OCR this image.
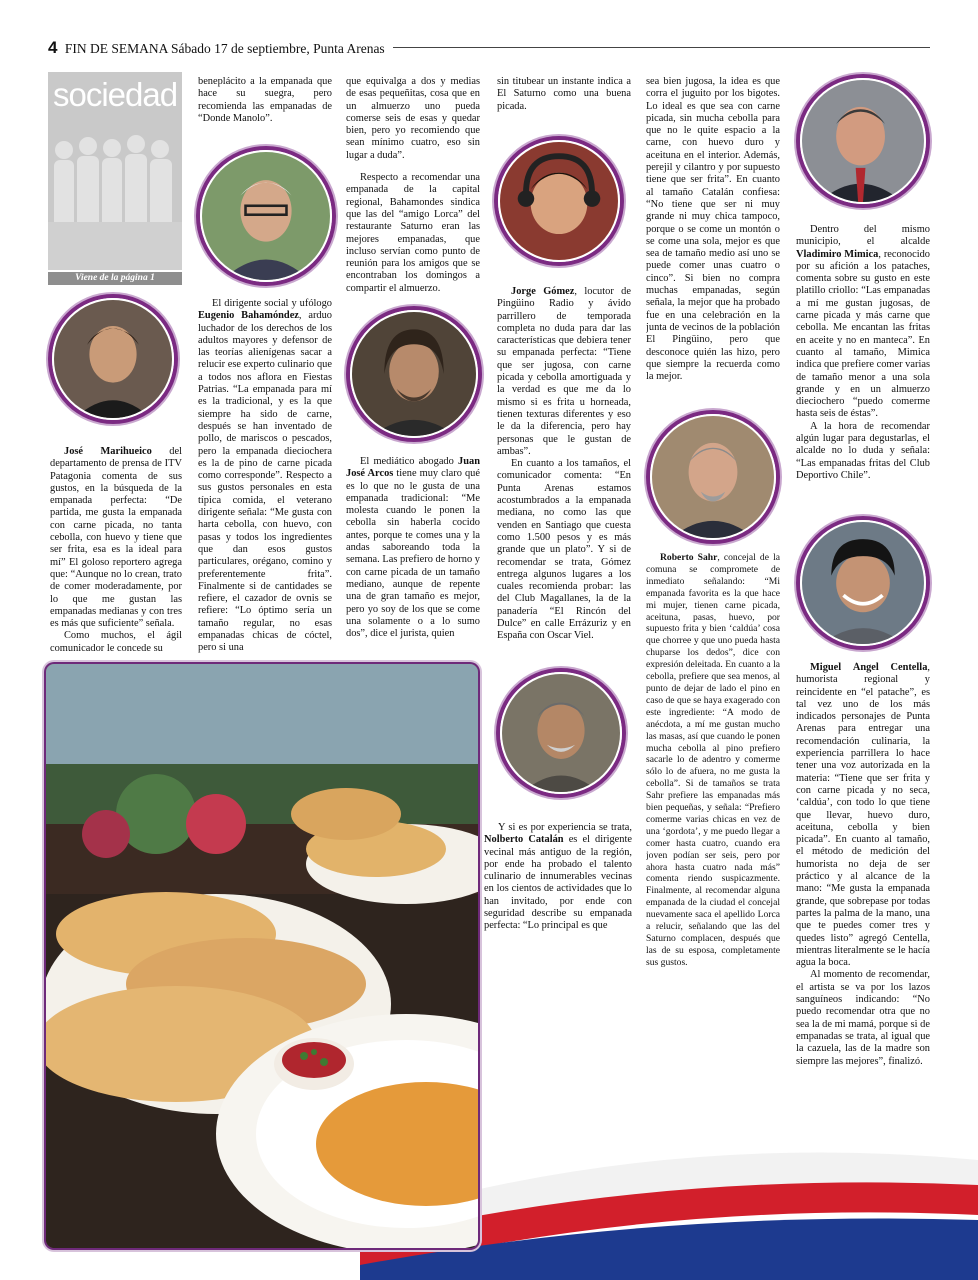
4 FIN DE SEMANA Sábado 17 de septiembre, Punta Arenas
sociedad
Viene de la página 1

José Marihueico del departamento de prensa de ITV Patagonia comenta de sus gustos, en la búsqueda de la empanada perfecta: “De partida, me gusta la empanada con carne picada, no tanta cebolla, con huevo y tiene que ser frita, esa es la ideal para mí” El goloso reportero agrega que: “Aunque no lo crean, trato de comer moderadamente, por lo que me gustan las empanadas medianas y con tres es más que suficiente” señala.

Como muchos, el ágil comunicador le concede su

beneplácito a la empanada que hace su suegra, pero recomienda las empanadas de “Donde Manolo”.

El dirigente social y ufólogo Eugenio Bahamóndez, arduo luchador de los derechos de los adultos mayores y defensor de las teorías alienígenas sacar a relucir ese experto culinario que a todos nos aflora en Fiestas Patrias. “La empanada para mí es la tradicional, y es la que siempre ha sido de carne, después se han inventado de pollo, de mariscos o pescados, pero la empanada dieciochera es la de pino de carne picada como corresponde”. Respecto a sus gustos personales en esta típica comida, el veterano dirigente señala: “Me gusta con harta cebolla, con huevo, con pasas y todos los ingredientes que dan esos gustos particulares, orégano, comino y preferentemente frita”. Finalmente si de cantidades se refiere, el cazador de ovnis se refiere: “Lo óptimo sería un tamaño regular, no esas empanadas chicas de cóctel, pero si una

que equivalga a dos y medias de esas pequeñitas, cosa que en un almuerzo uno pueda comerse seis de esas y quedar bien, pero yo recomiendo que sean mínimo cuatro, eso sin lugar a duda”.

Respecto a recomendar una empanada de la capital regional, Bahamondes sindica que las del “amigo Lorca” del restaurante Saturno eran las mejores empanadas, que incluso servían como punto de reunión para los amigos que se encontraban los domingos a compartir el almuerzo.

El mediático abogado Juan José Arcos tiene muy claro qué es lo que no le gusta de una empanada tradicional: “Me molesta cuando le ponen la cebolla sin haberla cocido antes, porque te comes una y la andas saboreando toda la semana. Las prefiero de horno y con carne picada de un tamaño mediano, aunque de repente una de gran tamaño es mejor, pero yo soy de los que se come una solamente o a lo sumo dos”, dice el jurista, quien

sin titubear un instante indica a El Saturno como una buena picada.

Jorge Gómez, locutor de Pingüino Radio y ávido parrillero de temporada completa no duda para dar las características que debiera tener su empanada perfecta: “Tiene que ser jugosa, con carne picada y cebolla amortiguada y la verdad es que me da lo mismo si es frita u horneada, tienen texturas diferentes y eso le da la diferencia, pero hay personas que le gustan de ambas”.

En cuanto a los tamaños, el comunicador comenta: “En Punta Arenas estamos acostumbrados a la empanada mediana, no como las que venden en Santiago que cuesta como 1.500 pesos y es más grande que un plato”. Y si de recomendar se trata, Gómez entrega algunos lugares a los cuales recomienda probar: las del Club Magallanes, la de la panadería “El Rincón del Dulce” en calle Errázuriz y en España con Oscar Viel.

Y si es por experiencia se trata, Nolberto Catalán es el dirigente vecinal más antiguo de la región, por ende ha probado el talento culinario de innumerables vecinas en los cientos de actividades que lo han invitado, por ende con seguridad describe su empanada perfecta: “Lo principal es que

sea bien jugosa, la idea es que corra el juguito por los bigotes. Lo ideal es que sea con carne picada, sin mucha cebolla para que no le quite espacio a la carne, con huevo duro y aceituna en el interior. Además, perejil y cilantro y por supuesto tiene que ser frita”. En cuanto al tamaño Catalán confiesa: “No tiene que ser ni muy grande ni muy chica tampoco, porque o se come un montón o se come una sola, mejor es que sea de tamaño medio así uno se puede comer unas cuatro o cinco”. Si bien no compra muchas empanadas, según señala, la mejor que ha probado fue en una celebración en la junta de vecinos de la población El Pingüino, pero que desconoce quién las hizo, pero que siempre la recuerda como la mejor.

Roberto Sahr, concejal de la comuna se compromete de inmediato señalando: “Mi empanada favorita es la que hace mi mujer, tienen carne picada, aceituna, pasas, huevo, por supuesto frita y bien ‘caldúa’ cosa que chorree y que uno pueda hasta chuparse los dedos”, dice con expresión deleitada. En cuanto a la cebolla, prefiere que sea menos, al punto de dejar de lado el pino en caso de que se haya exagerado con este ingrediente: “A modo de anécdota, a mí me gustan mucho las masas, así que cuando le ponen mucha cebolla al pino prefiero sacarle lo de adentro y comerme sólo lo de afuera, no me gusta la cebolla”. Si de tamaños se trata Sahr prefiere las empanadas más bien pequeñas, y señala: “Prefiero comerme varias chicas en vez de una ‘gordota’, y me puedo llegar a comer hasta cuatro, cuando era joven podían ser seis, pero por ahora hasta cuatro nada más” comenta riendo suspicazmente. Finalmente, al recomendar alguna empanada de la ciudad el concejal nuevamente saca el apellido Lorca a relucir, señalando que las del Saturno complacen, después que las de su esposa, completamente sus gustos.

Dentro del mismo municipio, el alcalde Vladimiro Mimica, reconocido por su afición a los pataches, comenta sobre su gusto en este platillo criollo: “Las empanadas a mí me gustan jugosas, de carne picada y más carne que cebolla. Me encantan las fritas en aceite y no en manteca”. En cuanto al tamaño, Mimica indica que prefiere comer varias de tamaño menor a una sola grande y en un almuerzo dieciochero “puedo comerme hasta seis de éstas”.

A la hora de recomendar algún lugar para degustarlas, el alcalde no lo duda y señala: “Las empanadas fritas del Club Deportivo Chile”.

Miguel Ángel Centella, humorista regional y reincidente en “el patache”, es tal vez uno de los más indicados personajes de Punta Arenas para entregar una recomendación culinaria, la experiencia parrillera lo hace tener una voz autorizada en la materia: “Tiene que ser frita y con carne picada y no seca, ‘caldúa’, con todo lo que tiene que llevar, huevo duro, aceituna, cebolla y bien picada”. En cuanto al tamaño, el método de medición del humorista no deja de ser práctico y al alcance de la mano: “Me gusta la empanada grande, que sobrepase por todas partes la palma de la mano, una que te puedes comer tres y quedes listo” agregó Centella, mientras literalmente se le hacía agua la boca.

Al momento de recomendar, el artista se va por los lazos sanguíneos indicando: “No puedo recomendar otra que no sea la de mi mamá, porque si de empanadas se trata, al igual que la cazuela, las de la madre son siempre las mejores”, finalizó.
